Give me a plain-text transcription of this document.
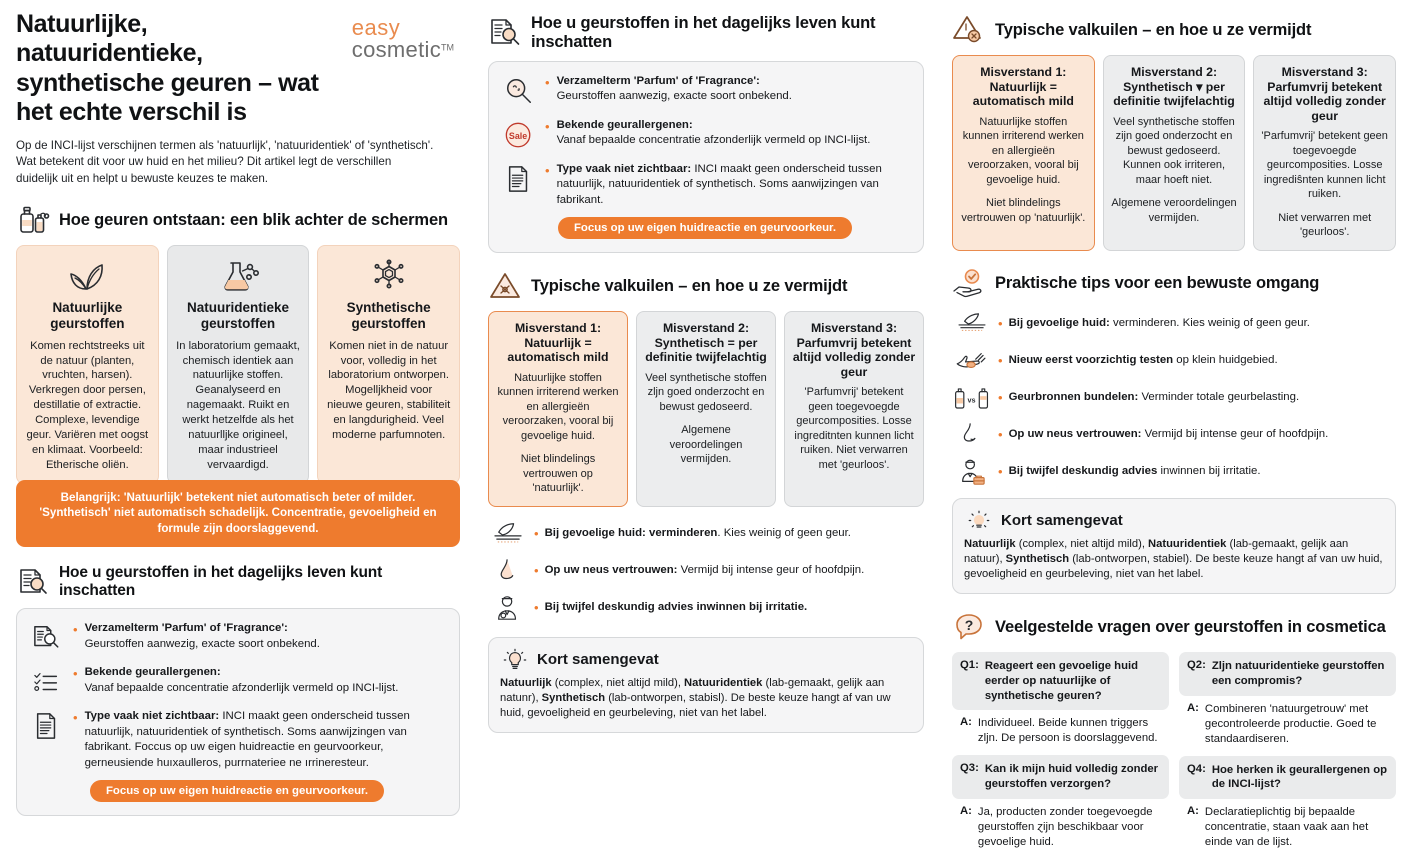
Natuurlijke, natuuridentieke, synthetische geuren – wat het echte verschil is
easy
cosmetic™
Op de INCI-lijst verschijnen termen als 'natuurlijk', 'natuuridentiek' of 'synthetisch'. Wat betekent dit voor uw huid en het milieu? Dit artikel legt de verschillen duidelijk uit en helpt u bewuste keuzes te maken.
Hoe geuren ontstaan: een blik achter de schermen
Natuurlijke geurstoffen
Komen rechtstreeks uit de natuur (planten, vruchten, harsen). Verkregen door persen, destillatie of extractie. Complexe, levendige geur. Variëren met oogst en klimaat. Voorbeeld: Etherische oliën.
Natuuridentieke geurstoffen
In laboratorium gemaakt, chemisch identiek aan natuurlijke stoffen. Geanalyseerd en nagemaakt. Ruikt en werkt hetzelfde als het natuurlljke origineel, maar industrieel vervaardigd.
Synthetische geurstoffen
Komen niet in de natuur voor, volledig in het laboratorium ontworpen. Mogelljkheid voor nieuwe geuren, stabiliteit en langdurigheid. Veel moderne parfumnoten.
Belangrijk: 'Natuurlijk' betekent niet automatisch beter of milder. 'Synthetisch' niet automatisch schadelijk. Concentratie, gevoeligheid en formule zijn doorslaggevend.
Hoe u geurstoffen in het dagelijks leven kunt inschatten
• Verzamelterm 'Parfum' of 'Fragrance':
Geurstoffen aanwezig, exacte soort onbekend.
• Bekende geurallergenen:
Vanaf bepaalde concentratie afzonderlijk vermeld op INCI-lijst.
• Type vaak niet zichtbaar: INCI maakt geen onderscheid tussen natuurlijk, natuuridentiek of synthetisch. Soms aanwijzingen van fabrikant. Foccus op uw eigen huidreactie en geurvoorkeur, gerneusiende huıxaulleros, purrnateriee ne ırrineresteur.
Focus op uw eigen huidreactie en geurvoorkeur.
Hoe u geurstoffen in het dagelijks leven kunt inschatten
• Verzamelterm 'Parfum' of 'Fragrance':
Geurstoffen aanwezig, exacte soort onbekend.
Sale
• Bekende geurallergenen:
Vanaf bepaalde concentratie afzonderlijk vermeld op INCI-lijst.
• Type vaak niet zichtbaar: INCI maakt geen onderscheid tussen natuurlijk, natuuridentiek of synthetisch. Soms aanwijzingen van fabrikant.
Focus op uw eigen huidreactie en geurvoorkeur.
Typische valkuilen – en hoe u ze vermijdt
Misverstand 1: Natuurlijk = automatisch mild

Natuurlijke stoffen kunnen irriterend werken en allergieën veroorzaken, vooral bij gevoelige huid.

Niet blindelings vertrouwen op 'natuurlijk'.

Misverstand 2: Synthetisch = per definitie twijfelachtig

Veel synthetische stoffen zljn goed onderzocht en bewust gedoseerd.

Algemene veroordelingen vermijden.

Misverstand 3: Parfumvrij betekent altijd volledig zonder geur

'Parfumvrij' betekent geen toegevoegde geurcomposities. Losse ingreditnten kunnen licht ruiken. Niet verwarren met 'geurloos'.

• Bij gevoelige huid: verminderen. Kies weinig of geen geur.
• Op uw neus vertrouwen: Vermijd bij intense geur of hoofdpijn.
• Bij twijfel deskundig advies inwinnen bij irritatie.
Kort samengevat
Natuurlijk (complex, niet altijd mild), Natuuridentiek (lab-gemaakt, gelijk aan natunr), Synthetisch (lab-ontworpen, stabisl). De beste keuze hangt af van uw huid, gevoeligheid en geurbeleving, niet van het label.
Typische valkuilen – en hoe u ze vermijdt
Misverstand 1: Natuurlijk = automatisch mild

Natuurlijke stoffen kunnen irriterend werken en allergieën veroorzaken, vooral bij gevoelige huid.

Niet blindelings vertrouwen op 'natuurlijk'.

Misverstand 2: Synthetisch ▾ per definitie twijfelachtig

Veel synthetische stoffen zijn goed onderzocht en bewust gedoseerd. Kunnen ook irriteren, maar hoeft niet.

Algemene veroordelingen vermijden.

Misverstand 3: Parfumvrij betekent altijd volledig zonder geur

'Parfumvrij' betekent geen toegevoegde geurcomposities. Losse ingrediŝnten kunnen licht ruiken.

Niet verwarren met 'geurloos'.

Praktische tips voor een bewuste omgang
• Bij gevoelige huid: verminderen. Kies weinig of geen geur.
• Nieuw eerst voorzichtig testen op klein huidgebied.
vs • Geurbronnen bundelen: Verminder totale geurbelasting.
• Op uw neus vertrouwen: Vermijd bij intense geur of hoofdpijn.
• Bij twijfel deskundig advies inwinnen bij irritatie.
Kort samengevat
Natuurlijk (complex, niet altijd mild), Natuuridentiek (lab-gemaakt, gelijk aan natuur), Synthetisch (lab-ontworpen, stabiel). De beste keuze hangt af van uw huid, gevoeligheid en geurbeleving, niet van het label.
? Veelgestelde vragen over geurstoffen in cosmetica
Q1: Reageert een gevoelige huid eerder op natuurlijke of synthetische geuren?
A: Individueel. Beide kunnen triggers zljn. De persoon is doorslaggevend.
Q3: Kan ik mijn huid volledig zonder geurstoffen verzorgen?
A: Ja, producten zonder toegevoegde geurstoffen ɀijn beschikbaar voor gevoelige huid.
Q2: Zljn natuuridentieke geurstoffen een compromis?
A: Combineren 'natuurgetrouw' met gecontroleerde productie. Goed te standaardiseren.
Q4: Hoe herken ik geurallergenen op de INCI-lijst?
A: Declaratieplichtig bij bepaalde concentratie, staan vaak aan het einde van de lijst.
